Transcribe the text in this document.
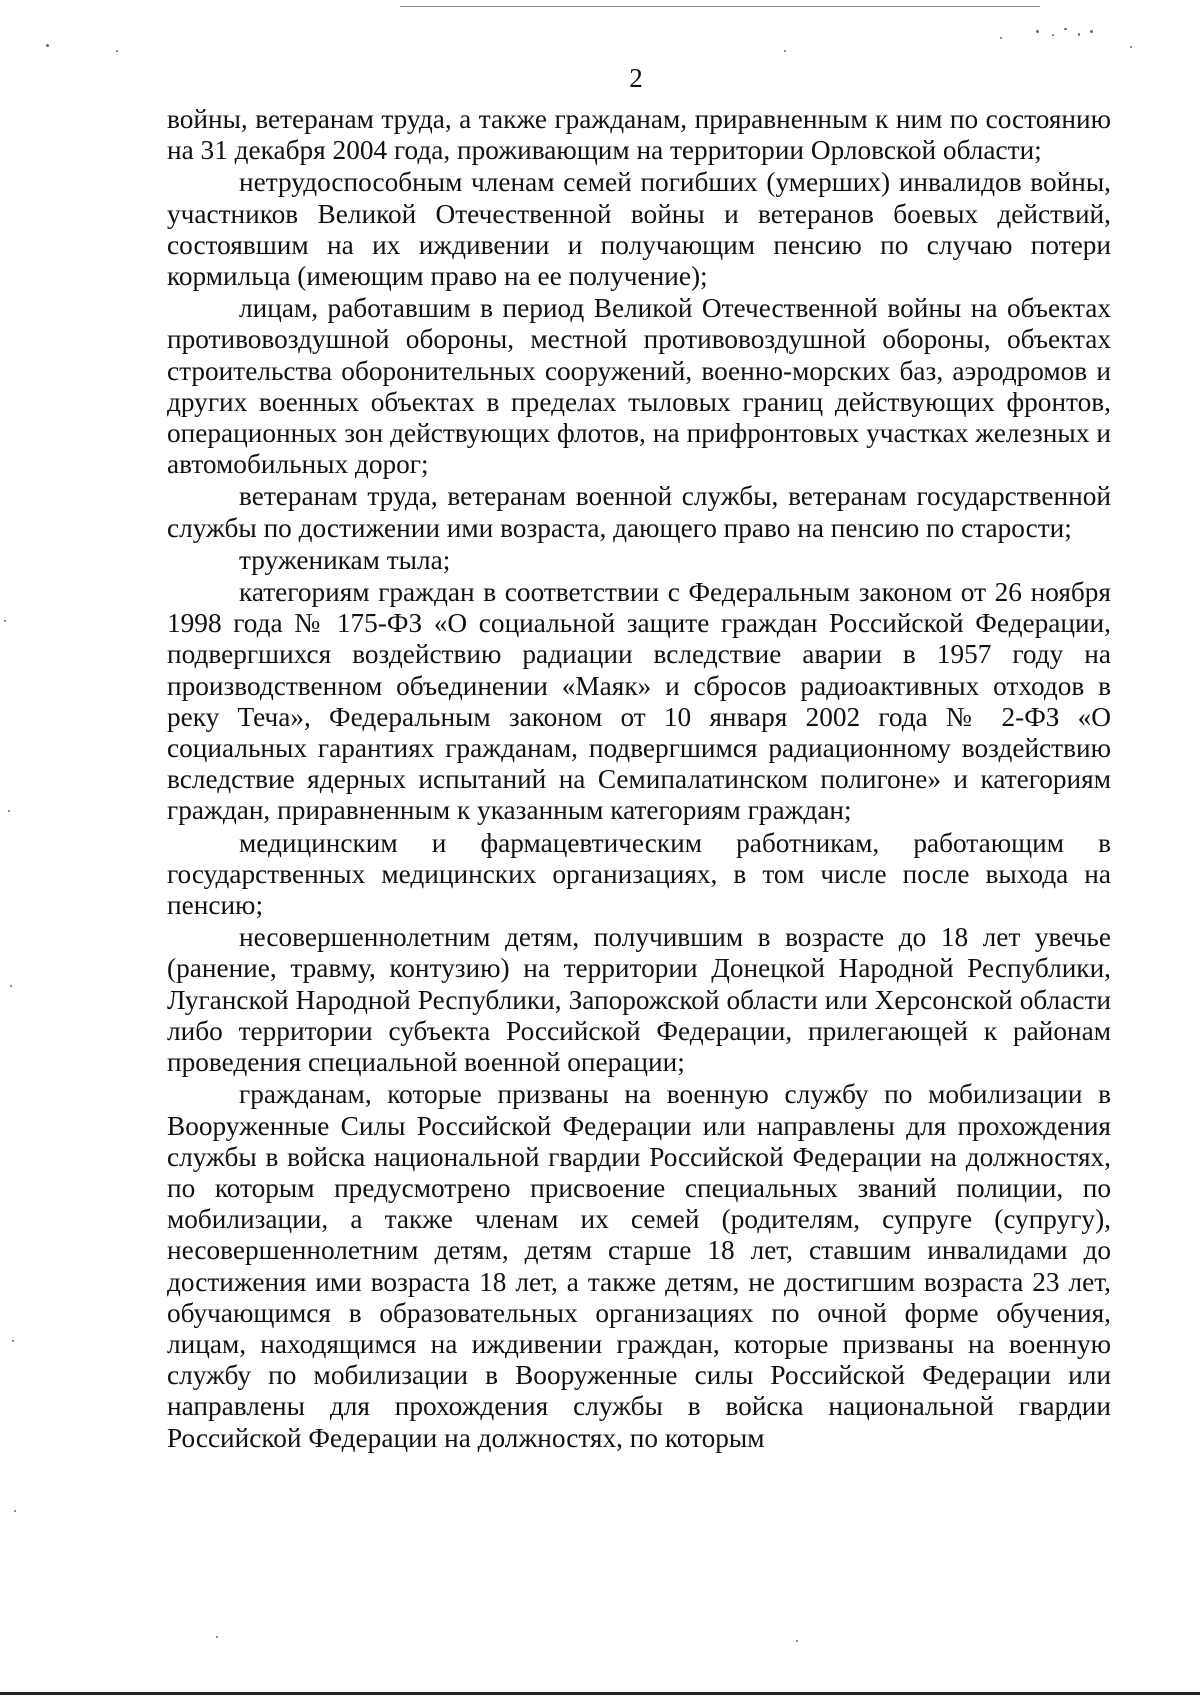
2

войны, ветеранам труда, а также гражданам, приравненным к ним по состоянию на 31 декабря 2004 года, проживающим на территории Орловской области;

нетрудоспособным членам семей погибших (умерших) инвалидов войны, участников Великой Отечественной войны и ветеранов боевых действий, состоявшим на их иждивении и получающим пенсию по случаю потери кормильца (имеющим право на ее получение);

лицам, работавшим в период Великой Отечественной войны на объектах противовоздушной обороны, местной противовоздушной обороны, объектах строительства оборонительных сооружений, военно-морских баз, аэродромов и других военных объектах в пределах тыловых границ действующих фронтов, операционных зон действующих флотов, на прифронтовых участках железных и автомобильных дорог;

ветеранам труда, ветеранам военной службы, ветеранам государственной службы по достижении ими возраста, дающего право на пенсию по старости;

труженикам тыла;

категориям граждан в соответствии с Федеральным законом от 26 ноября 1998 года № 175-ФЗ «О социальной защите граждан Российской Федерации, подвергшихся воздействию радиации вследствие аварии в 1957 году на производственном объединении «Маяк» и сбросов радиоактивных отходов в реку Теча», Федеральным законом от 10 января 2002 года № 2-ФЗ «О социальных гарантиях гражданам, подвергшимся радиационному воздействию вследствие ядерных испытаний на Семипалатинском полигоне» и категориям граждан, приравненным к указанным категориям граждан;

медицинским и фармацевтическим работникам, работающим в государственных медицинских организациях, в том числе после выхода на пенсию;

несовершеннолетним детям, получившим в возрасте до 18 лет увечье (ранение, травму, контузию) на территории Донецкой Народной Республики, Луганской Народной Республики, Запорожской области или Херсонской области либо территории субъекта Российской Федерации, прилегающей к районам проведения специальной военной операции;

гражданам, которые призваны на военную службу по мобилизации в Вооруженные Силы Российской Федерации или направлены для прохождения службы в войска национальной гвардии Российской Федерации на должностях, по которым предусмотрено присвоение специальных званий полиции, по мобилизации, а также членам их семей (родителям, супруге (супругу), несовершеннолетним детям, детям старше 18 лет, ставшим инвалидами до достижения ими возраста 18 лет, а также детям, не достигшим возраста 23 лет, обучающимся в образовательных организациях по очной форме обучения, лицам, находящимся на иждивении граждан, которые призваны на военную службу по мобилизации в Вооруженные силы Российской Федерации или направлены для прохождения службы в войска национальной гвардии Российской Федерации на должностях, по которым
